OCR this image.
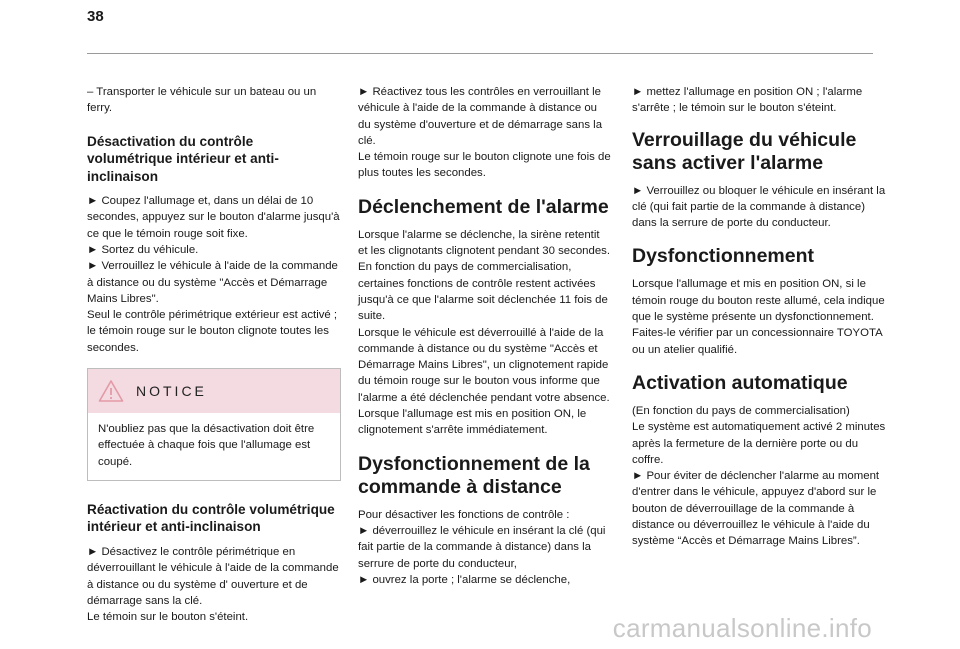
38

– Transporter le véhicule sur un bateau ou un ferry.

Désactivation du contrôle volumétrique intérieur et anti-inclinaison

► Coupez l'allumage et, dans un délai de 10 secondes, appuyez sur le bouton d'alarme jusqu'à ce que le témoin rouge soit fixe.
► Sortez du véhicule.
► Verrouillez le véhicule à l'aide de la commande à distance ou du système "Accès et Démarrage Mains Libres".
Seul le contrôle périmétrique extérieur est activé ; le témoin rouge sur le bouton clignote toutes les secondes.

NOTICE

N'oubliez pas que la désactivation doit être effectuée à chaque fois que l'allumage est coupé.

Réactivation du contrôle volumétrique intérieur et anti-inclinaison

► Désactivez le contrôle périmétrique en déverrouillant le véhicule à l'aide de la commande à distance ou du système d' ouverture et de démarrage sans la clé.
Le témoin sur le bouton s'éteint.

► Réactivez tous les contrôles en verrouillant le véhicule à l'aide de la commande à distance ou du système d'ouverture et de démarrage sans la clé.
Le témoin rouge sur le bouton clignote une fois de plus toutes les secondes.

Déclenchement de l'alarme

Lorsque l'alarme se déclenche, la sirène retentit et les clignotants clignotent pendant 30 secondes.
En fonction du pays de commercialisation, certaines fonctions de contrôle restent activées jusqu'à ce que l'alarme soit déclenchée 11 fois de suite.
Lorsque le véhicule est déverrouillé à l'aide de la commande à distance ou du système "Accès et Démarrage Mains Libres", un clignotement rapide du témoin rouge sur le bouton vous informe que l'alarme a été déclenchée pendant votre absence. Lorsque l'allumage est mis en position ON, le clignotement s'arrête immédiatement.

Dysfonctionnement de la commande à distance

Pour désactiver les fonctions de contrôle :
► déverrouillez le véhicule en insérant la clé (qui fait partie de la commande à distance) dans la serrure de porte du conducteur,
► ouvrez la porte ; l'alarme se déclenche,

► mettez l'allumage en position ON ; l'alarme s'arrête ; le témoin sur le bouton s'éteint.

Verrouillage du véhicule sans activer l'alarme

► Verrouillez ou bloquer le véhicule en insérant la clé (qui fait partie de la commande à distance) dans la serrure de porte du conducteur.

Dysfonctionnement

Lorsque l'allumage et mis en position ON, si le témoin rouge du bouton reste allumé, cela indique que le système présente un dysfonctionnement.
Faites-le vérifier par un concessionnaire TOYOTA ou un atelier qualifié.

Activation automatique

(En fonction du pays de commercialisation)
Le système est automatiquement activé 2 minutes après la fermeture de la dernière porte ou du coffre.
► Pour éviter de déclencher l'alarme au moment d'entrer dans le véhicule, appuyez d'abord sur le bouton de déverrouillage de la commande à distance ou déverrouillez le véhicule à l'aide du système “Accès et Démarrage Mains Libres”.

carmanualsonline.info
